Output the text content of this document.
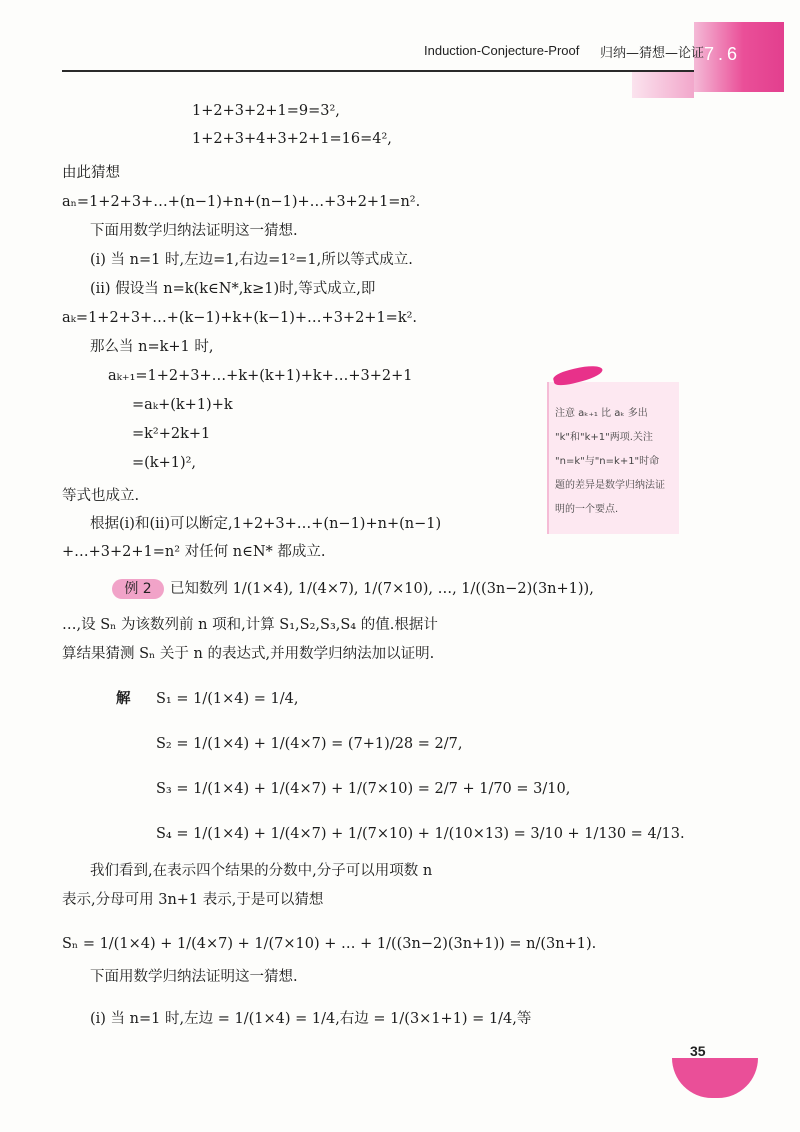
Induction-Conjecture-Proof 归纳—猜想—论证 7.6
1+2+3+2+1=9=3²,
1+2+3+4+3+2+1=16=4²,
由此猜想
aₙ=1+2+3+…+(n−1)+n+(n−1)+…+3+2+1=n².
下面用数学归纳法证明这一猜想.
(i) 当 n=1 时,左边=1,右边=1²=1,所以等式成立.
(ii) 假设当 n=k(k∈N*,k≥1)时,等式成立,即
aₖ=1+2+3+…+(k−1)+k+(k−1)+…+3+2+1=k².
那么当 n=k+1 时,
aₖ₊₁=1+2+3+…+k+(k+1)+k+…+3+2+1
=aₖ+(k+1)+k
=k²+2k+1
=(k+1)²,
等式也成立.
根据(i)和(ii)可以断定,1+2+3+…+(n−1)+n+(n−1)
+…+3+2+1=n² 对任何 n∈N* 都成立.

注意 aₖ₊₁ 比 aₖ 多出

"k"和"k+1"两项.关注

"n=k"与"n=k+1"时命

题的差异是数学归纳法证

明的一个要点.

例 2	已知数列 1/(1×4), 1/(4×7), 1/(7×10), …, 1/((3n−2)(3n+1)),
…,设 Sₙ 为该数列前 n 项和,计算 S₁,S₂,S₃,S₄ 的值.根据计
算结果猜测 Sₙ 关于 n 的表达式,并用数学归纳法加以证明.
解 S₁ = 1/(1×4) = 1/4,
S₂ = 1/(1×4) + 1/(4×7) = (7+1)/28 = 2/7,
S₃ = 1/(1×4) + 1/(4×7) + 1/(7×10) = 2/7 + 1/70 = 3/10,
S₄ = 1/(1×4) + 1/(4×7) + 1/(7×10) + 1/(10×13) = 3/10 + 1/130 = 4/13.
我们看到,在表示四个结果的分数中,分子可以用项数 n
表示,分母可用 3n+1 表示,于是可以猜想
Sₙ = 1/(1×4) + 1/(4×7) + 1/(7×10) + … + 1/((3n−2)(3n+1)) = n/(3n+1).
下面用数学归纳法证明这一猜想.
(i) 当 n=1 时,左边 = 1/(1×4) = 1/4,右边 = 1/(3×1+1) = 1/4,等
35
